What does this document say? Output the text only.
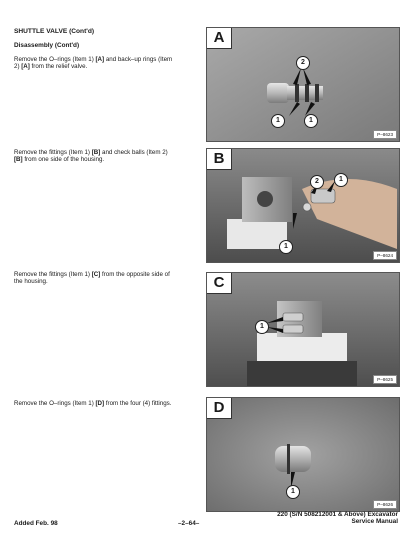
SHUTTLE VALVE (Cont'd)
Disassembly (Cont'd)
Remove the O–rings (Item 1) [A] and back–up rings (Item
2) [A] from the relief valve.
Remove the fittings (Item 1) [B] and check balls (Item 2)
[B] from one side of the housing.
Remove the fittings (Item 1) [C] from the opposite side of
the housing.
Remove the O–rings (Item 1) [D] from the four (4) fittings.
A
2
1	1
P–8623
B
2	1
1
P–8624
C
1
P–8625
D
1
P–8626
Added Feb. 98	–2–64–
220 (S/N 508212001 & Above) Excavator
Service Manual
